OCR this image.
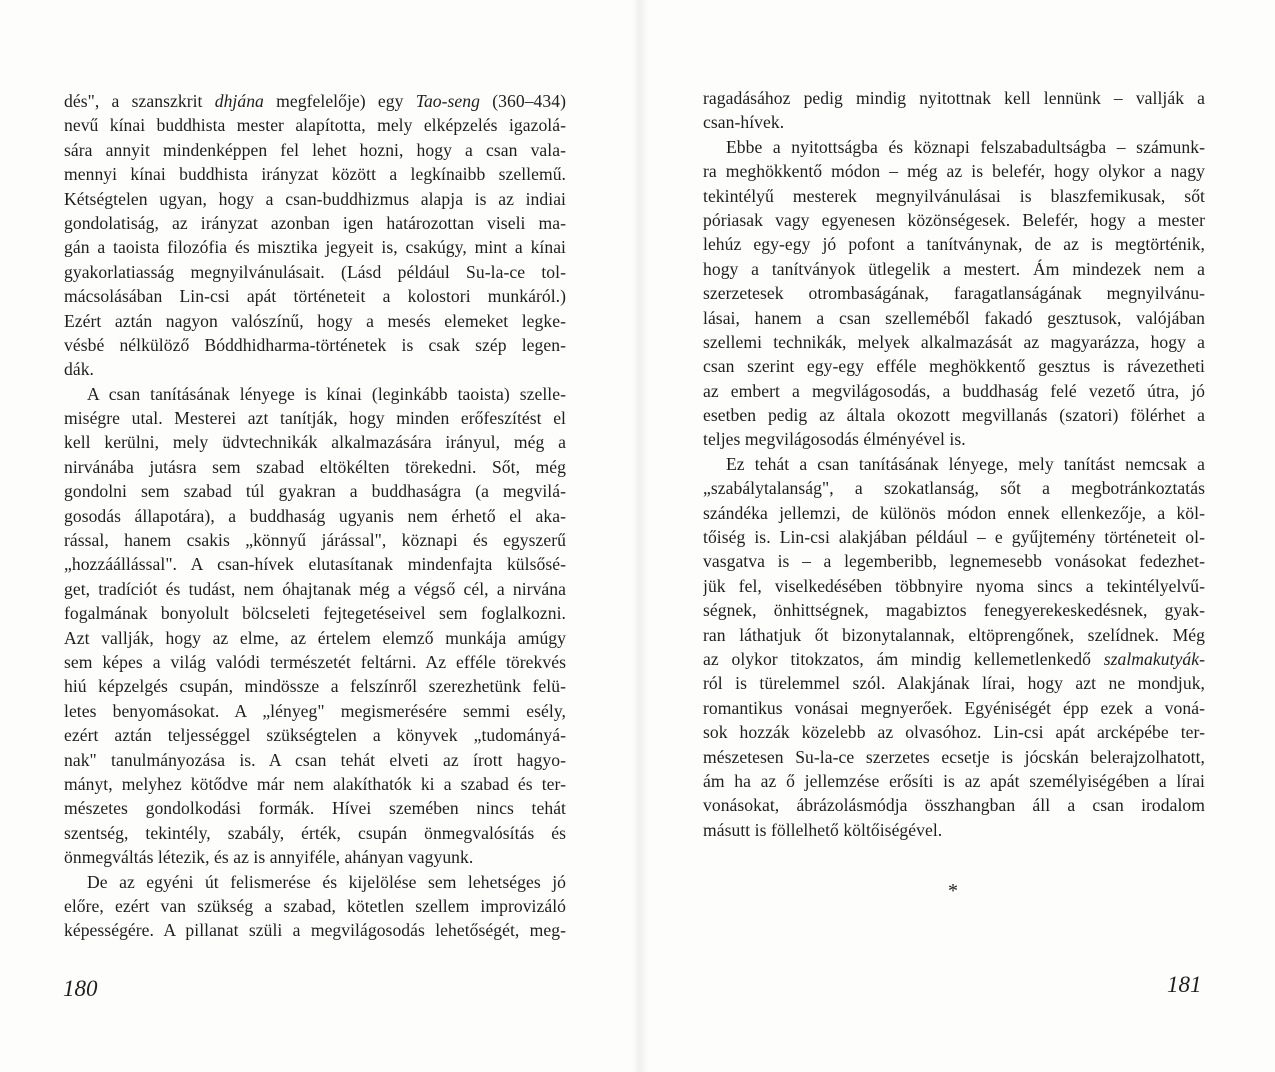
dés", a szanszkrit dhjána megfelelője) egy Tao-seng (360–434)
nevű kínai buddhista mester alapította, mely elképzelés igazolá-
sára annyit mindenképpen fel lehet hozni, hogy a csan vala-
mennyi kínai buddhista irányzat között a legkínaibb szellemű.
Kétségtelen ugyan, hogy a csan-buddhizmus alapja is az indiai
gondolatiság, az irányzat azonban igen határozottan viseli ma-
gán a taoista filozófia és misztika jegyeit is, csakúgy, mint a kínai
gyakorlatiasság megnyilvánulásait. (Lásd például Su-la-ce tol-
mácsolásában Lin-csi apát történeteit a kolostori munkáról.)
Ezért aztán nagyon valószínű, hogy a mesés elemeket legke-
vésbé nélkülöző Bóddhidharma-történetek is csak szép legen-
dák.
A csan tanításának lényege is kínai (leginkább taoista) szelle-
miségre utal. Mesterei azt tanítják, hogy minden erőfeszítést el
kell kerülni, mely üdvtechnikák alkalmazására irányul, még a
nirvánába jutásra sem szabad eltökélten törekedni. Sőt, még
gondolni sem szabad túl gyakran a buddhaságra (a megvilá-
gosodás állapotára), a buddhaság ugyanis nem érhető el aka-
rással, hanem csakis „könnyű járással", köznapi és egyszerű
„hozzáállással". A csan-hívek elutasítanak mindenfajta külsősé-
get, tradíciót és tudást, nem óhajtanak még a végső cél, a nirvána
fogalmának bonyolult bölcseleti fejtegetéseivel sem foglalkozni.
Azt vallják, hogy az elme, az értelem elemző munkája amúgy
sem képes a világ valódi természetét feltárni. Az efféle törekvés
hiú képzelgés csupán, mindössze a felszínről szerezhetünk felü-
letes benyomásokat. A „lényeg" megismerésére semmi esély,
ezért aztán teljességgel szükségtelen a könyvek „tudományá-
nak" tanulmányozása is. A csan tehát elveti az írott hagyo-
mányt, melyhez kötődve már nem alakíthatók ki a szabad és ter-
mészetes gondolkodási formák. Hívei szemében nincs tehát
szentség, tekintély, szabály, érték, csupán önmegvalósítás és
önmegváltás létezik, és az is annyiféle, ahányan vagyunk.
De az egyéni út felismerése és kijelölése sem lehetséges jó
előre, ezért van szükség a szabad, kötetlen szellem improvizáló
képességére. A pillanat szüli a megvilágosodás lehetőségét, meg-
180
ragadásához pedig mindig nyitottnak kell lennünk – vallják a
csan-hívek.
Ebbe a nyitottságba és köznapi felszabadultságba – számunk-
ra meghökkentő módon – még az is belefér, hogy olykor a nagy
tekintélyű mesterek megnyilvánulásai is blaszfemikusak, sőt
póriasak vagy egyenesen közönségesek. Belefér, hogy a mester
lehúz egy-egy jó pofont a tanítványnak, de az is megtörténik,
hogy a tanítványok ütlegelik a mestert. Ám mindezek nem a
szerzetesek otrombaságának, faragatlanságának megnyilvánu-
lásai, hanem a csan szelleméből fakadó gesztusok, valójában
szellemi technikák, melyek alkalmazását az magyarázza, hogy a
csan szerint egy-egy efféle meghökkentő gesztus is rávezetheti
az embert a megvilágosodás, a buddhaság felé vezető útra, jó
esetben pedig az általa okozott megvillanás (szatori) fölérhet a
teljes megvilágosodás élményével is.
Ez tehát a csan tanításának lényege, mely tanítást nemcsak a
„szabálytalanság", a szokatlanság, sőt a megbotránkoztatás
szándéka jellemzi, de különös módon ennek ellenkezője, a köl-
tőiség is. Lin-csi alakjában például – e gyűjtemény történeteit ol-
vasgatva is – a legemberibb, legnemesebb vonásokat fedezhet-
jük fel, viselkedésében többnyire nyoma sincs a tekintélyelvű-
ségnek, önhittségnek, magabiztos fenegyerekeskedésnek, gyak-
ran láthatjuk őt bizonytalannak, eltöprengőnek, szelídnek. Még
az olykor titokzatos, ám mindig kellemetlenkedő szalmakutyák-
ról is türelemmel szól. Alakjának lírai, hogy azt ne mondjuk,
romantikus vonásai megnyerőek. Egyéniségét épp ezek a voná-
sok hozzák közelebb az olvasóhoz. Lin-csi apát arcképébe ter-
mészetesen Su-la-ce szerzetes ecsetje is jócskán belerajzolhatott,
ám ha az ő jellemzése erősíti is az apát személyiségében a lírai
vonásokat, ábrázolásmódja összhangban áll a csan irodalom
másutt is föllelhető költőiségével.
*
181
